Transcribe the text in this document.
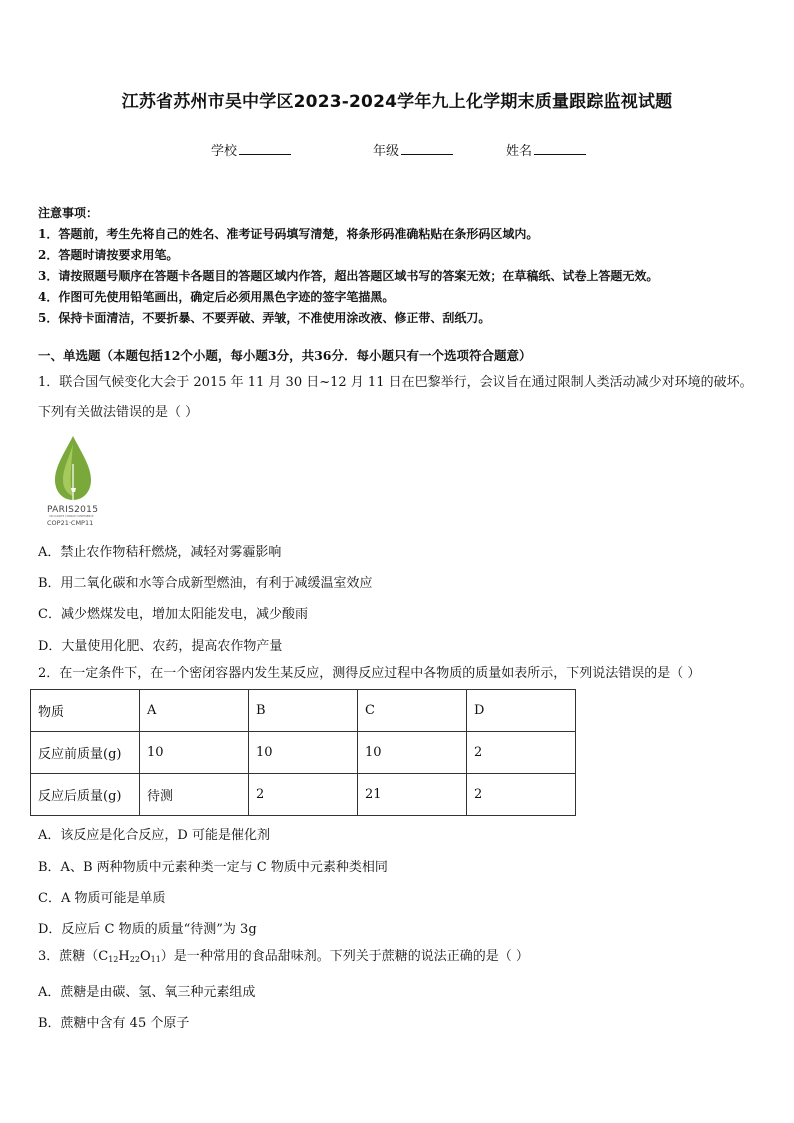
江苏省苏州市吴中学区2023-2024学年九上化学期末质量跟踪监视试题
学校	年级	姓名
注意事项：
1．答题前，考生先将自己的姓名、准考证号码填写清楚，将条形码准确粘贴在条形码区域内。
2．答题时请按要求用笔。
3．请按照题号顺序在答题卡各题目的答题区域内作答，超出答题区域书写的答案无效；在草稿纸、试卷上答题无效。
4．作图可先使用铅笔画出，确定后必须用黑色字迹的签字笔描黑。
5．保持卡面清洁，不要折暴、不要弄破、弄皱，不准使用涂改液、修正带、刮纸刀。
一、单选题（本题包括12个小题，每小题3分，共36分．每小题只有一个选项符合题意）
1．联合国气候变化大会于 2015 年 11 月 30 日~12 月 11 日在巴黎举行，会议旨在通过限制人类活动减少对环境的破坏。
下列有关做法错误的是（ ）
PARIS2015
UN CLIMATE CHANGE CONFERENCE
COP21·CMP11
A．禁止农作物秸秆燃烧，减轻对雾霾影响
B．用二氧化碳和水等合成新型燃油，有利于减缓温室效应
C．减少燃煤发电，增加太阳能发电，减少酸雨
D．大量使用化肥、农药，提高农作物产量
2．在一定条件下，在一个密闭容器内发生某反应，测得反应过程中各物质的质量如表所示，下列说法错误的是（ ）
物质	A	B	C	D
反应前质量(g)	10	10	10	2
反应后质量(g)	待测	2	21	2
A．该反应是化合反应，D 可能是催化剂
B．A、B 两种物质中元素种类一定与 C 物质中元素种类相同
C．A 物质可能是单质
D．反应后 C 物质的质量“待测”为 3g
3．蔗糖$(C_{12}H_{22}O_{11})$是一种常用的食品甜味剂。下列关于蔗糖的说法正确的是（ ）
A．蔗糖是由碳、氢、氧三种元素组成
B．蔗糖中含有 45 个原子
